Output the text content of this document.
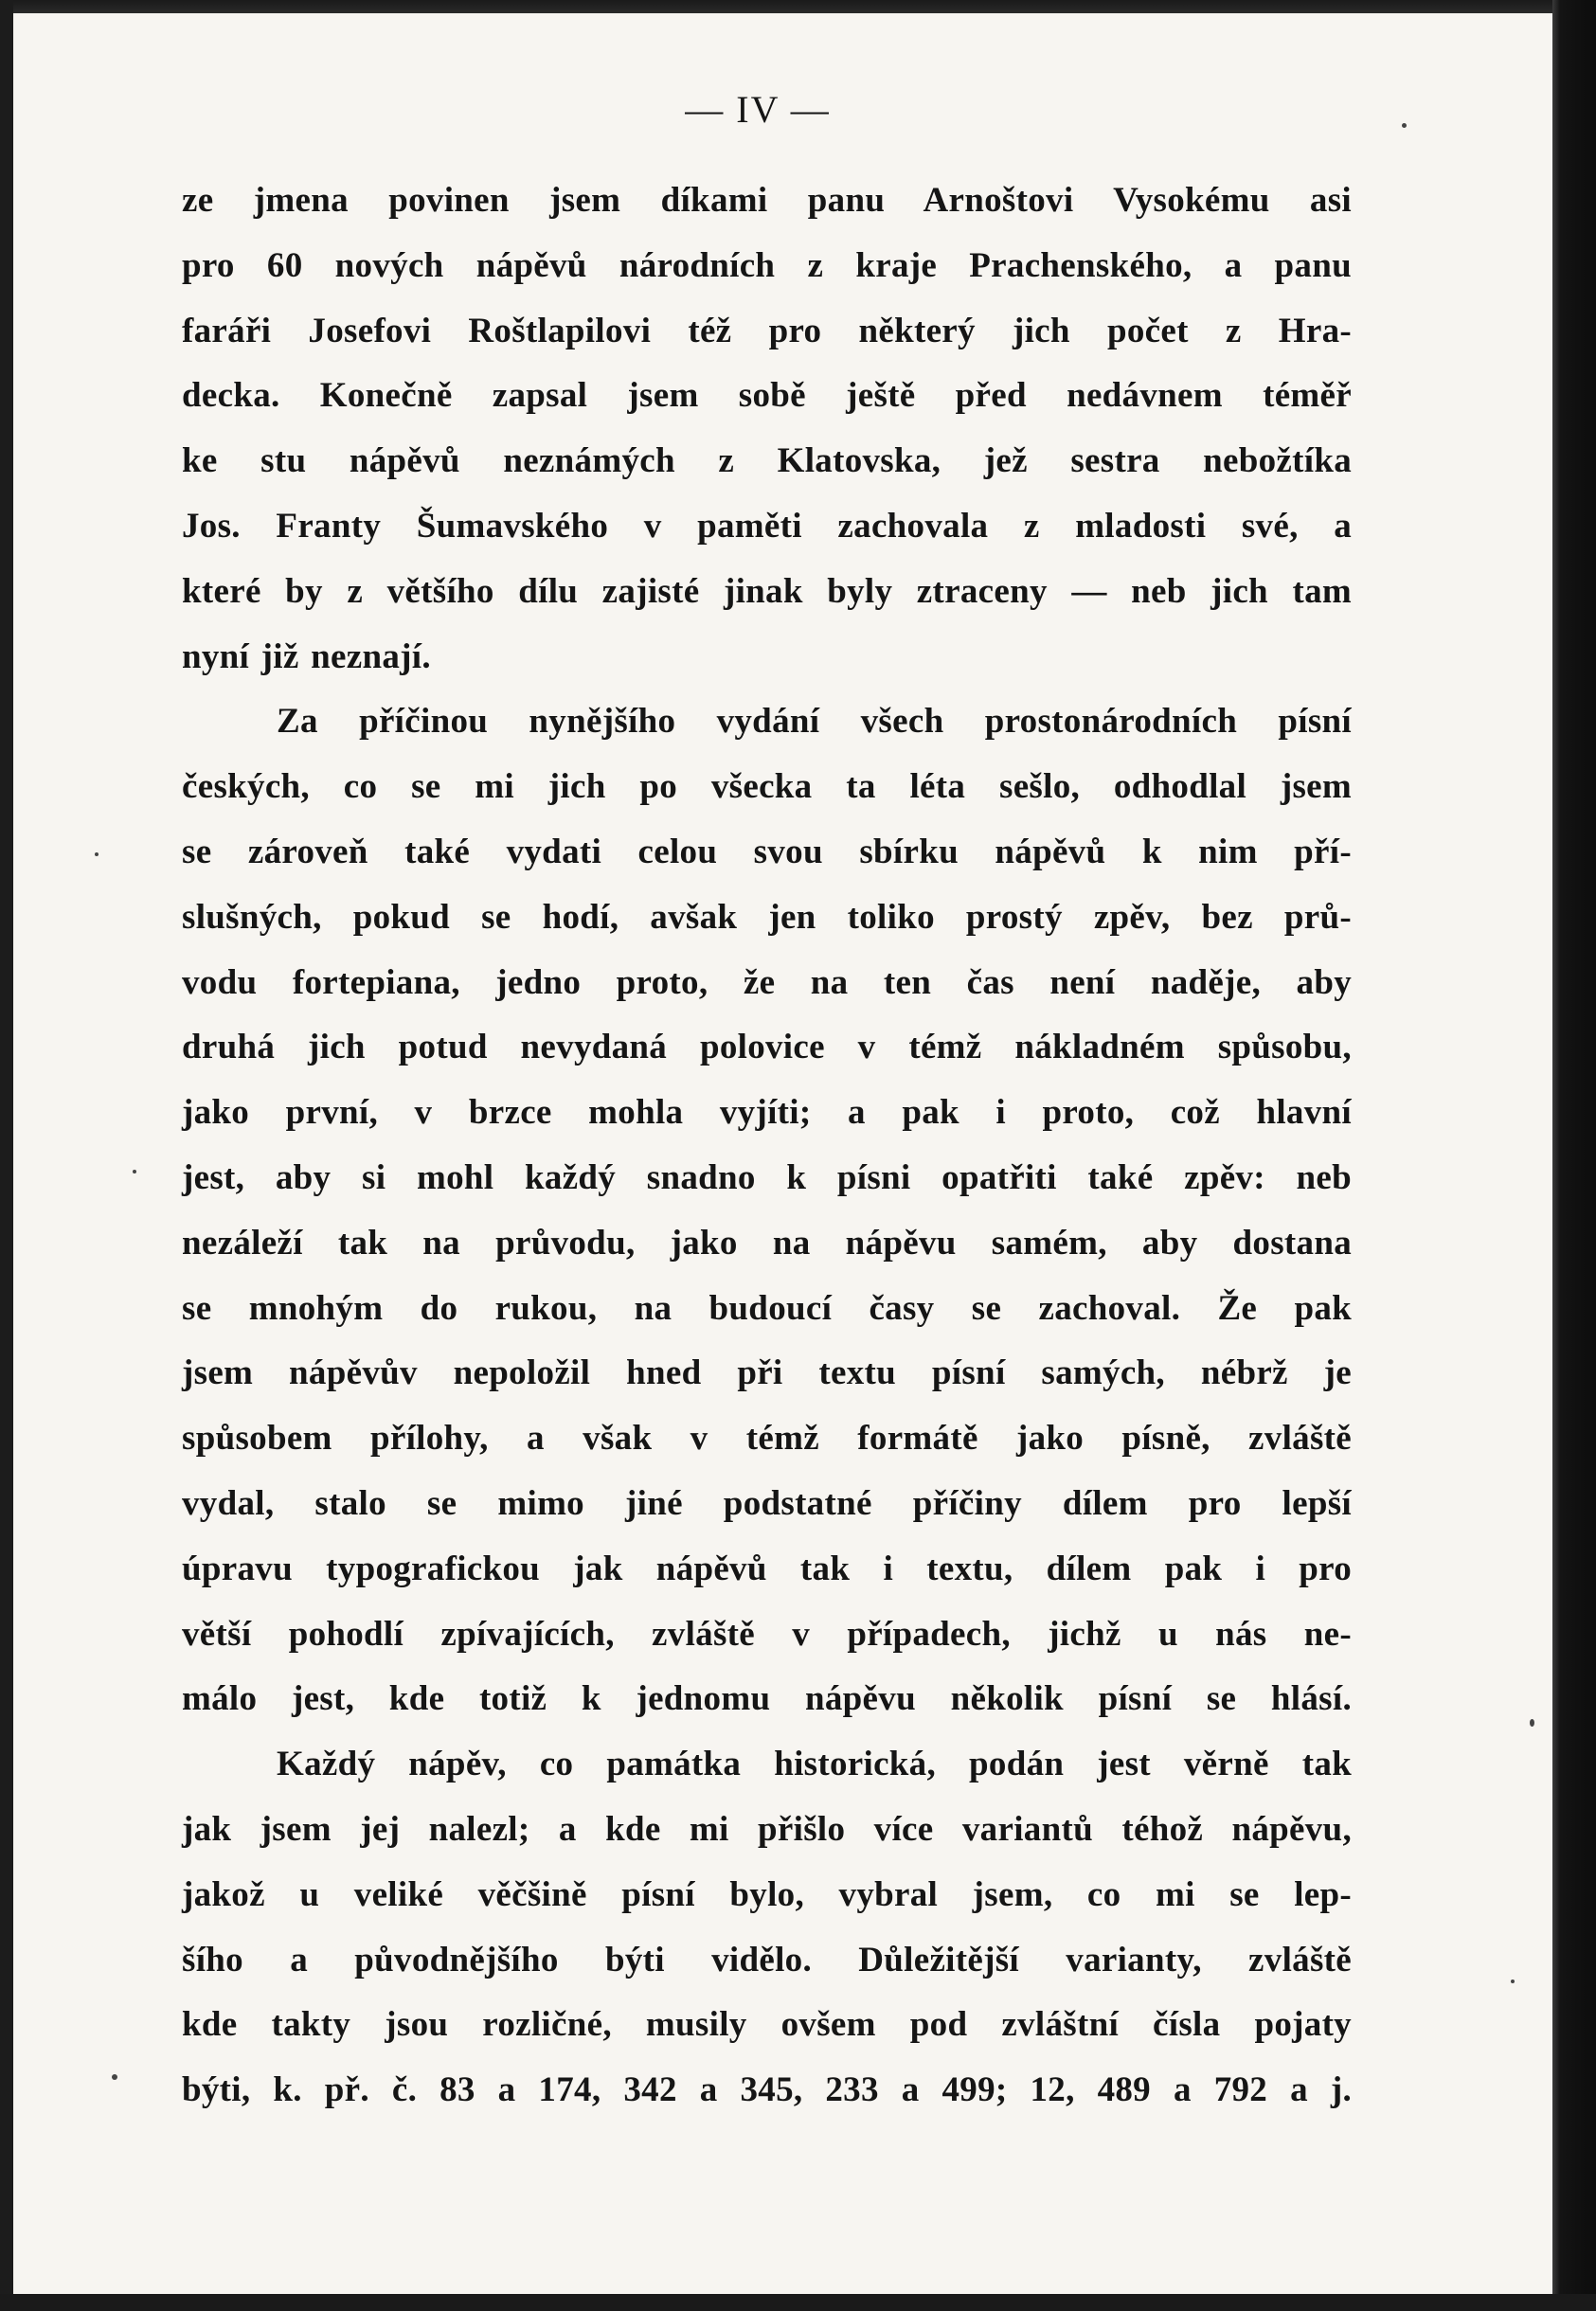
— IV —
ze jmena povinen jsem díkami panu Arnoštovi Vysokému asi
pro 60 nových nápěvů národních z kraje Prachenského, a panu
faráři Josefovi Roštlapilovi též pro některý jich počet z Hra-
decka. Konečně zapsal jsem sobě ještě před nedávnem téměř
ke stu nápěvů neznámých z Klatovska, jež sestra nebožtíka
Jos. Franty Šumavského v paměti zachovala z mladosti své, a
které by z většího dílu zajisté jinak byly ztraceny — neb jich tam
nyní již neznají.
Za příčinou nynějšího vydání všech prostonárodních písní
českých, co se mi jich po všecka ta léta sešlo, odhodlal jsem
se zároveň také vydati celou svou sbírku nápěvů k nim pří-
slušných, pokud se hodí, avšak jen toliko prostý zpěv, bez prů-
vodu fortepiana, jedno proto, že na ten čas není naděje, aby
druhá jich potud nevydaná polovice v témž nákladném spůsobu,
jako první, v brzce mohla vyjíti; a pak i proto, což hlavní
jest, aby si mohl každý snadno k písni opatřiti také zpěv: neb
nezáleží tak na průvodu, jako na nápěvu samém, aby dostana
se mnohým do rukou, na budoucí časy se zachoval. Že pak
jsem nápěvův nepoložil hned při textu písní samých, nébrž je
spůsobem přílohy, a však v témž formátě jako písně, zvláště
vydal, stalo se mimo jiné podstatné příčiny dílem pro lepší
úpravu typografickou jak nápěvů tak i textu, dílem pak i pro
větší pohodlí zpívajících, zvláště v případech, jichž u nás ne-
málo jest, kde totiž k jednomu nápěvu několik písní se hlásí.
Každý nápěv, co památka historická, podán jest věrně tak
jak jsem jej nalezl; a kde mi přišlo více variantů téhož nápěvu,
jakož u veliké věčšině písní bylo, vybral jsem, co mi se lep-
šího a původnějšího býti vidělo. Důležitější varianty, zvláště
kde takty jsou rozličné, musily ovšem pod zvláštní čísla pojaty
býti, k. př. č. 83 a 174, 342 a 345, 233 a 499; 12, 489 a 792 a j.
